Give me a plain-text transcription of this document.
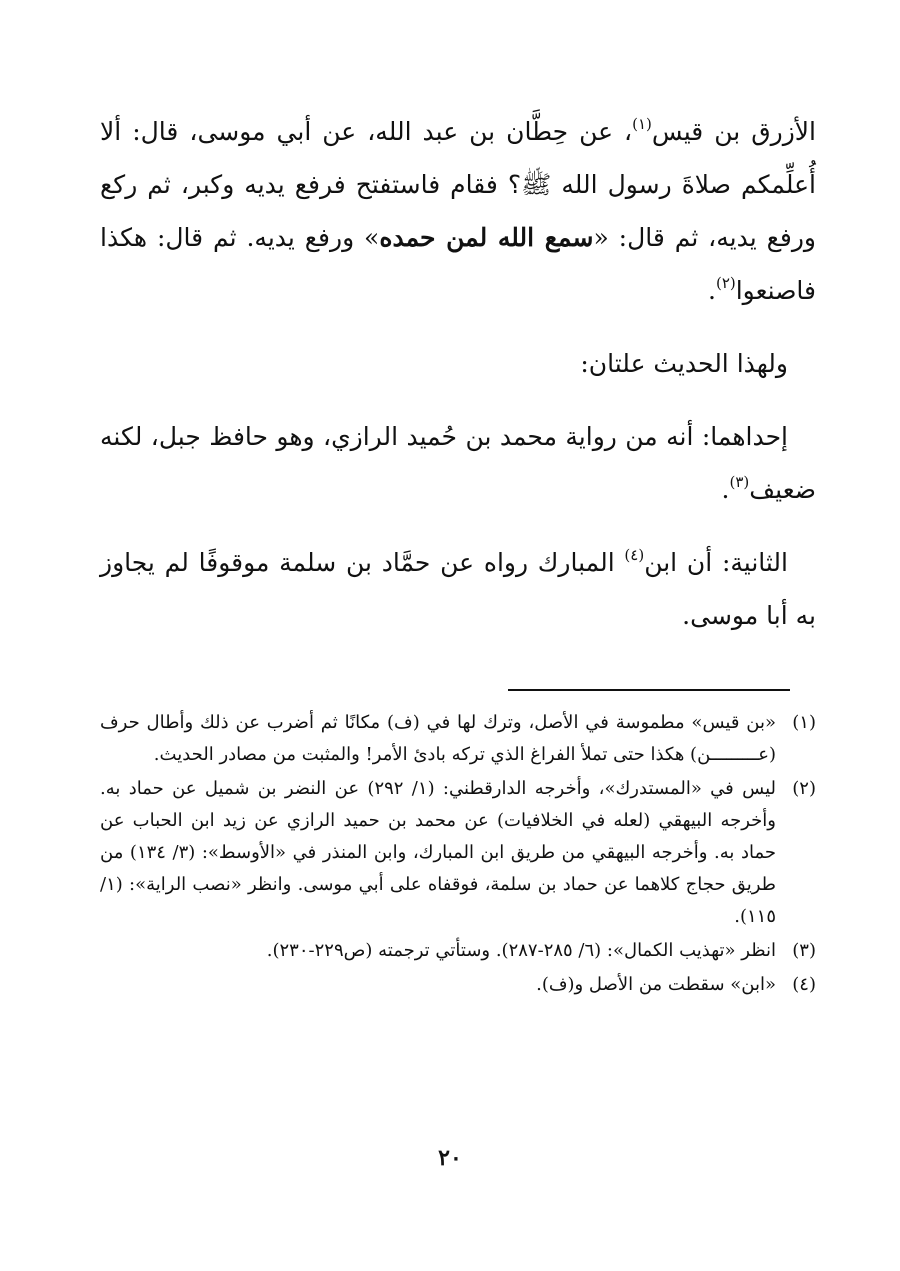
الأزرق بن قيس$^{(١)}$، عن حِطَّان بن عبد الله، عن أبي موسى، قال: ألا أُعلِّمكم صلاةَ رسول الله ﷺ؟ فقام فاستفتح فرفع يديه وكبر، ثم ركع ورفع يديه، ثم قال: «سمع الله لمن حمده» ورفع يديه. ثم قال: هكذا فاصنعوا$^{(٢)}$.

ولهذا الحديث علتان:

إحداهما: أنه من رواية محمد بن حُميد الرازي، وهو حافظ جبل، لكنه ضعيف$^{(٣)}$.

الثانية: أن ابن$^{(٤)}$ المبارك رواه عن حمَّاد بن سلمة موقوفًا لم يجاوز به أبا موسى.

(١)
«بن قيس» مطموسة في الأصل، وترك لها في (ف) مكانًا ثم أضرب عن ذلك وأطال حرف (عـــــــــن) هكذا حتى تملأ الفراغ الذي تركه بادئ الأمر! والمثبت من مصادر الحديث.
(٢)
ليس في «المستدرك»، وأخرجه الدارقطني: (١/ ٢٩٢) عن النضر بن شميل عن حماد به. وأخرجه البيهقي (لعله في الخلافيات) عن محمد بن حميد الرازي عن زيد ابن الحباب عن حماد به. وأخرجه البيهقي من طريق ابن المبارك، وابن المنذر في «الأوسط»: (٣/ ١٣٤) من طريق حجاج كلاهما عن حماد بن سلمة، فوقفاه على أبي موسى. وانظر «نصب الراية»: (١/ ١١٥).
(٣)
انظر «تهذيب الكمال»: (٦/ ٢٨٥-٢٨٧). وستأتي ترجمته (ص٢٢٩-٢٣٠).
(٤)
«ابن» سقطت من الأصل و(ف).
٢٠
